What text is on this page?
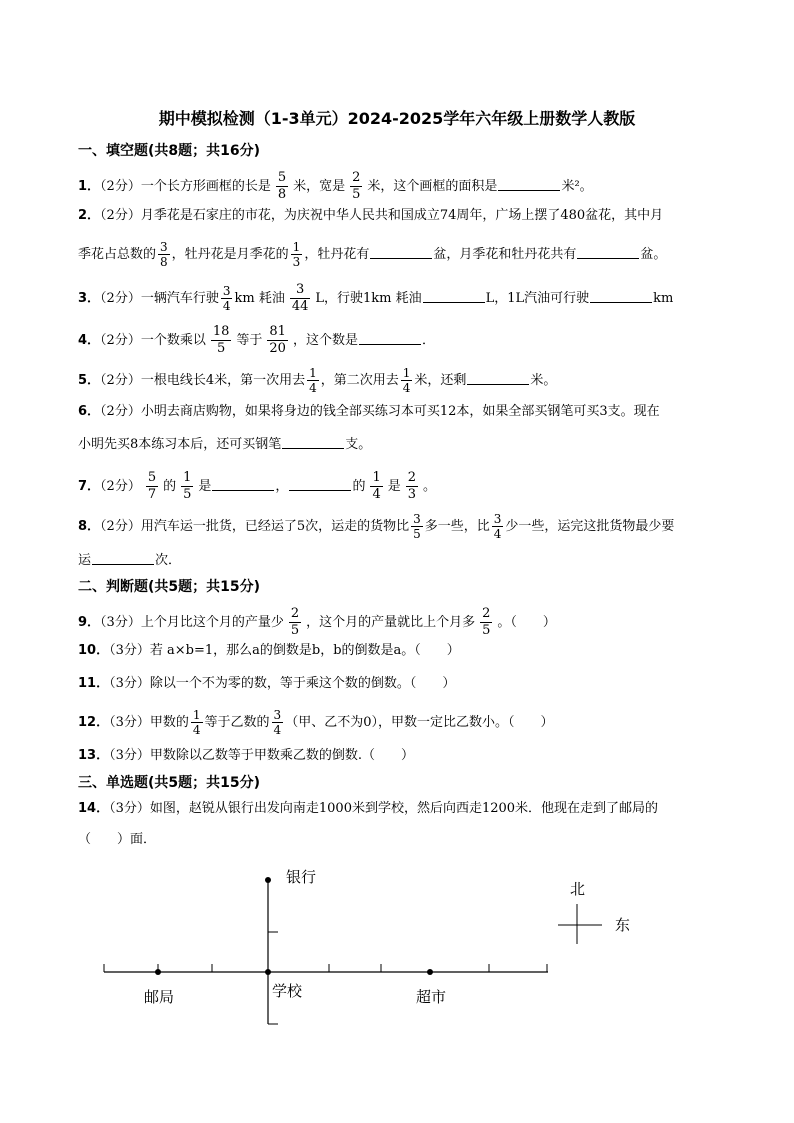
期中模拟检测（1-3单元）2024-2025学年六年级上册数学人教版
一、填空题(共8题；共16分)
1．（2分）一个长方形画框的长是 $\frac{5}{8}$ 米，宽是 $\frac{2}{5}$ 米，这个画框的面积是	米²。
2．（2分）月季花是石家庄的市花，为庆祝中华人民共和国成立74周年，广场上摆了480盆花，其中月
季花占总数的 $\frac{3}{8}$ ，牡丹花是月季花的 $\frac{1}{3}$ ，牡丹花有	盆，月季花和牡丹花共有	盆。
3．（2分）一辆汽车行驶 $\frac{3}{4}$ km 耗油 $\frac{3}{44}$ L，行驶1km 耗油	L，1L汽油可行驶	km
4．（2分）一个数乘以 $\frac{18}{5}$ 等于 $\frac{81}{20}$ ，这个数是	．
5．（2分）一根电线长4米，第一次用去 $\frac{1}{4}$ ，第二次用去 $\frac{1}{4}$ 米，还剩	米。
6．（2分）小明去商店购物，如果将身边的钱全部买练习本可买12本，如果全部买钢笔可买3支。现在
小明先买8本练习本后，还可买钢笔	支。
7．（2分） $\frac{5}{7}$ 的 $\frac{1}{5}$ 是	，	的 $\frac{1}{4}$ 是 $\frac{2}{3}$ 。
8．（2分）用汽车运一批货，已经运了5次，运走的货物比 $\frac{3}{5}$ 多一些，比 $\frac{3}{4}$ 少一些，运完这批货物最少要
运	次．
二、判断题(共5题；共15分)
9．（3分）上个月比这个月的产量少 $\frac{2}{5}$ ，这个月的产量就比上个月多 $\frac{2}{5}$ 。（　　）
10．（3分）若 a×b=1，那么a的倒数是b，b的倒数是a。（　　）
11．（3分）除以一个不为零的数，等于乘这个数的倒数。（　　）
12．（3分）甲数的 $\frac{1}{4}$ 等于乙数的 $\frac{3}{4}$ （甲、乙不为0），甲数一定比乙数小。（　　）
13．（3分）甲数除以乙数等于甲数乘乙数的倒数.（　　）
三、单选题(共5题；共15分)
14．（3分）如图，赵锐从银行出发向南走1000米到学校，然后向西走1200米．他现在走到了邮局的
（　　）面．
银行
邮局	学校	超市
北
东
